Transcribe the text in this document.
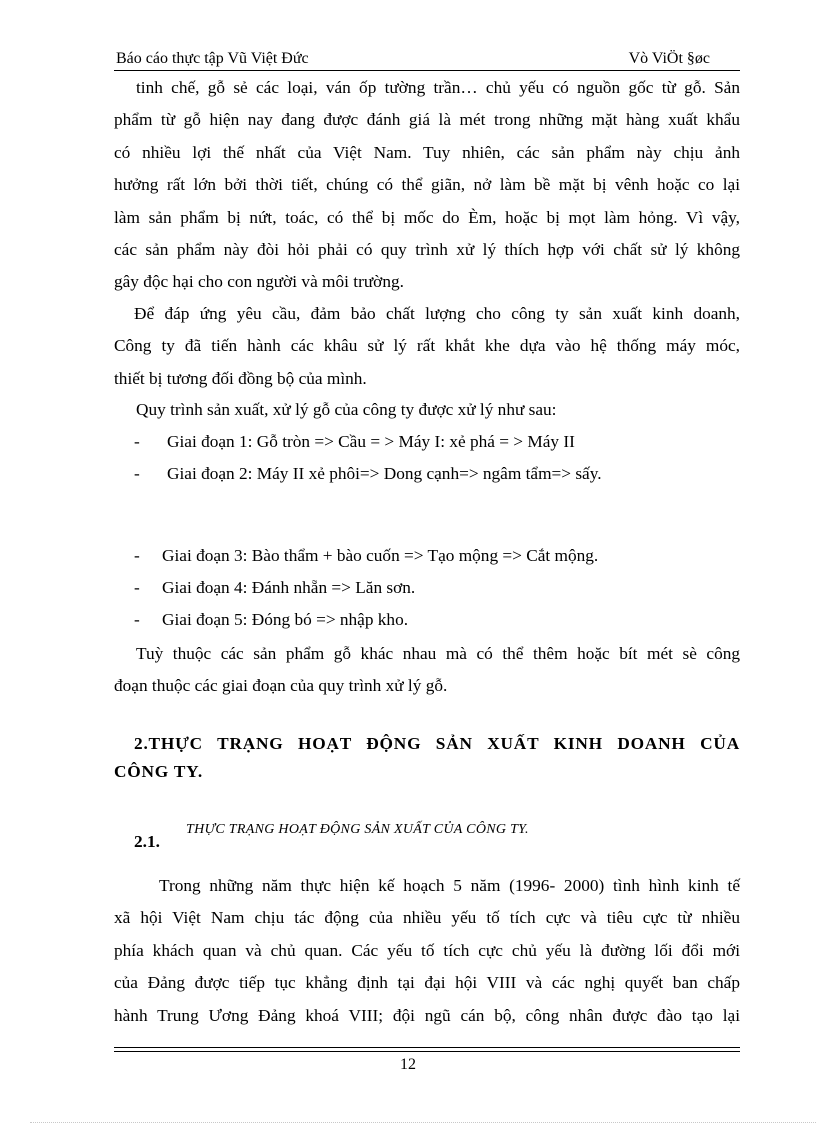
Báo cáo thực tập Vũ Việt Đức	Vò ViÖt §øc
tinh chế, gỗ sẻ các loại, ván ốp tường trần… chủ yếu có nguồn gốc từ gỗ. Sản
phẩm từ gỗ hiện nay đang được đánh giá là mét trong những mặt hàng xuất khẩu
có nhiều lợi thế nhất của Việt Nam. Tuy nhiên, các sản phẩm này chịu ảnh
hưởng rất lớn bởi thời tiết, chúng có thể giãn, nở làm bề mặt bị vênh hoặc co lại
làm sản phẩm bị nứt, toác, có thể bị mốc do Èm, hoặc bị mọt làm hỏng. Vì vậy,
các sản phẩm này đòi hỏi phải có quy trình xử lý thích hợp với chất sử lý không
gây độc hại cho con người và môi trường.
Để đáp ứng yêu cầu, đảm bảo chất lượng cho công ty sản xuất kinh doanh,
Công ty đã tiến hành các khâu sử lý rất khắt khe dựa vào hệ thống máy móc,
thiết bị tương đối đồng bộ của mình.
Quy trình sản xuất, xử lý gỗ của công ty được xử lý như sau:
- Giai đoạn 1: Gỗ tròn => Cầu = > Máy I: xẻ phá = > Máy II
- Giai đoạn 2: Máy II xẻ phôi=> Dong cạnh=> ngâm tẩm=> sấy.
- Giai đoạn 3: Bào thẩm + bào cuốn => Tạo mộng => Cắt mộng.
- Giai đoạn 4: Đánh nhẵn => Lăn sơn.
- Giai đoạn 5: Đóng bó => nhập kho.
Tuỳ thuộc các sản phẩm gỗ khác nhau mà có thể thêm hoặc bít mét sè công
đoạn thuộc các giai đoạn của quy trình xử lý gỗ.
2.THỰC TRẠNG HOẠT ĐỘNG SẢN XUẤT KINH DOANH CỦA
CÔNG TY.
2.1.
THỰC TRẠNG HOẠT ĐỘNG SẢN XUẤT CỦA CÔNG TY.
Trong những năm thực hiện kế hoạch 5 năm (1996- 2000) tình hình kinh tế
xã hội Việt Nam chịu tác động của nhiều yếu tố tích cực và tiêu cực từ nhiều
phía khách quan và chủ quan. Các yếu tố tích cực chủ yếu là đường lối đổi mới
của Đảng được tiếp tục khẳng định tại đại hội VIII và các nghị quyết ban chấp
hành Trung Ương Đảng khoá VIII; đội ngũ cán bộ, công nhân được đào tạo lại
12
